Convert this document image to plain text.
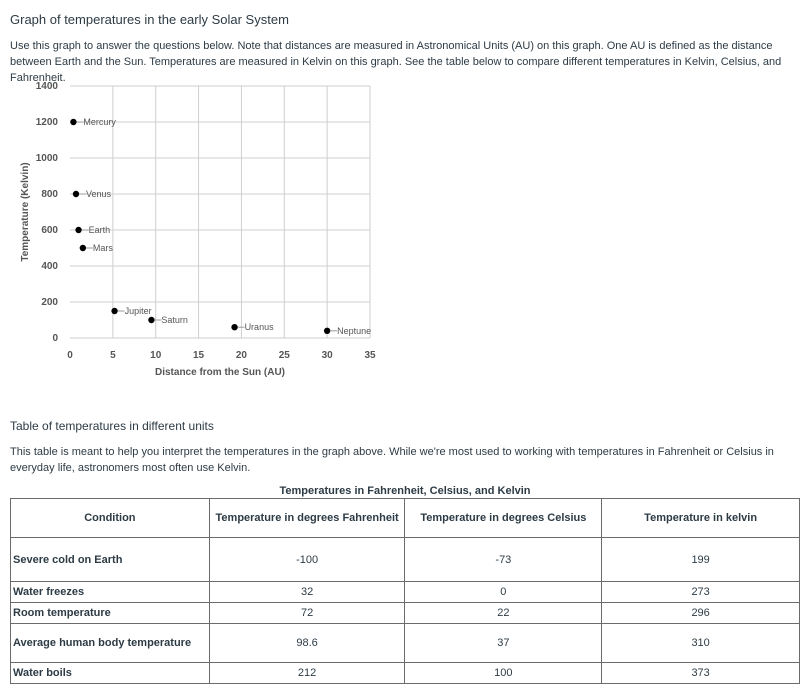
Graph of temperatures in the early Solar System
Use this graph to answer the questions below. Note that distances are measured in Astronomical Units (AU) on this graph. One AU is defined as the distance between Earth and the Sun. Temperatures are measured in Kelvin on this graph. See the table below to compare different temperatures in Kelvin, Celsius, and Fahrenheit.
0
200
400
600
800
1000
1200
1400
0	5	10	15	20	25	30	35
Distance from the Sun (AU)
Temperature (Kelvin)
Mercury
Venus
Earth
Mars
Jupiter
Saturn
Uranus	Neptune
Table of temperatures in different units
This table is meant to help you interpret the temperatures in the graph above. While we're most used to working with temperatures in Fahrenheit or Celsius in everyday life, astronomers most often use Kelvin.
Temperatures in Fahrenheit, Celsius, and Kelvin
Condition	Temperature in degrees Fahrenheit	Temperature in degrees Celsius	Temperature in kelvin
Severe cold on Earth	-100	-73	199
Water freezes	32	0	273
Room temperature	72	22	296
Average human body temperature	98.6	37	310
Water boils	212	100	373
